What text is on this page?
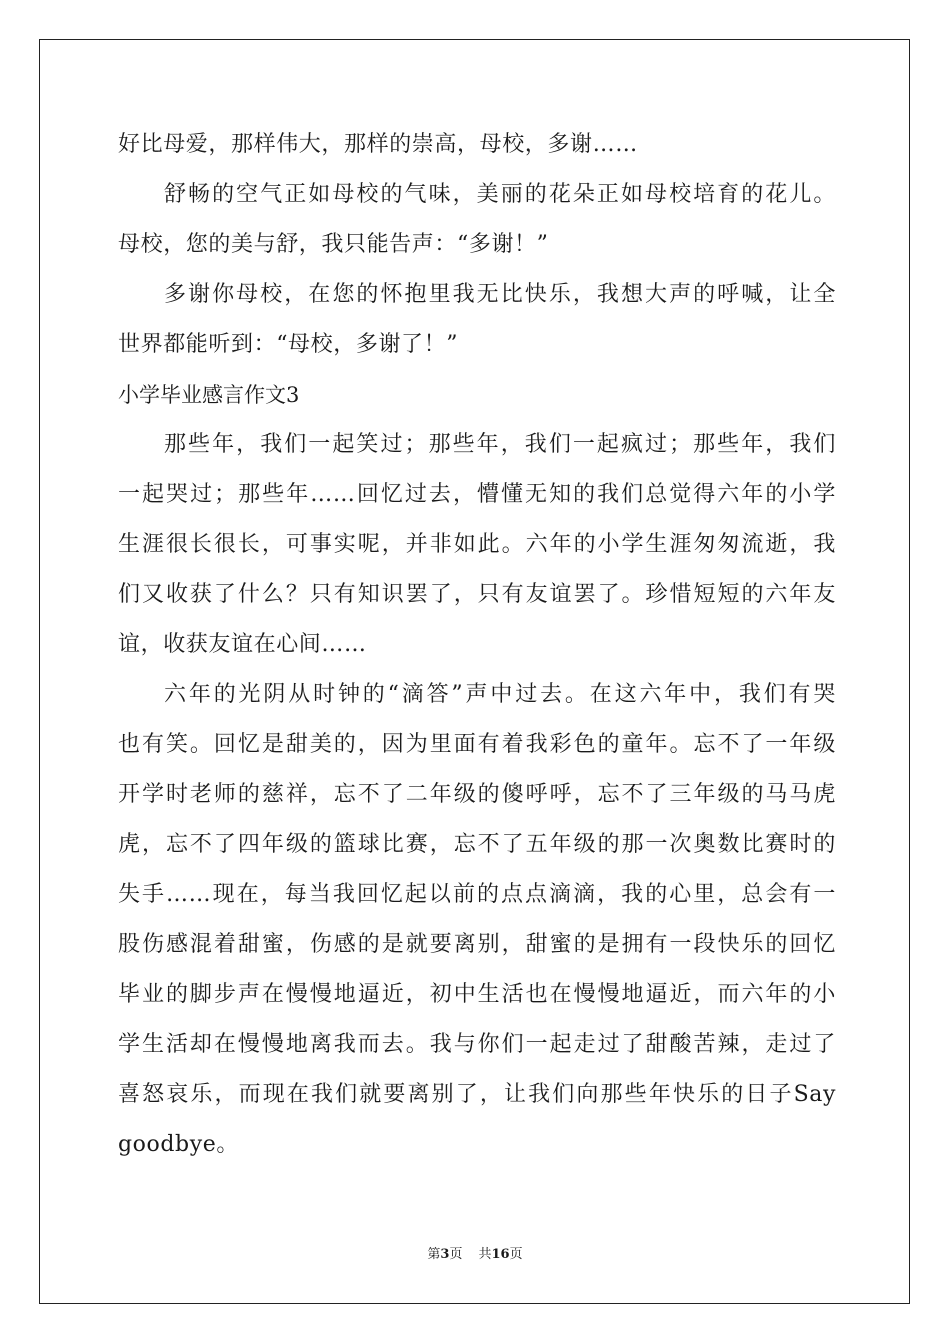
好比母爱，那样伟大，那样的崇高，母校，多谢……
舒畅的空气正如母校的气味，美丽的花朵正如母校培育的花儿。
母校，您的美与舒，我只能告声：“多谢！”
多谢你母校，在您的怀抱里我无比快乐，我想大声的呼喊，让全
世界都能听到：“母校，多谢了！”
小学毕业感言作文3
那些年，我们一起笑过；那些年，我们一起疯过；那些年，我们
一起哭过；那些年……回忆过去，懵懂无知的我们总觉得六年的小学
生涯很长很长，可事实呢，并非如此。六年的小学生涯匆匆流逝，我
们又收获了什么？只有知识罢了，只有友谊罢了。珍惜短短的六年友
谊，收获友谊在心间……
六年的光阴从时钟的“滴答”声中过去。在这六年中，我们有哭
也有笑。回忆是甜美的，因为里面有着我彩色的童年。忘不了一年级
开学时老师的慈祥，忘不了二年级的傻呼呼，忘不了三年级的马马虎
虎，忘不了四年级的篮球比赛，忘不了五年级的那一次奥数比赛时的
失手……现在，每当我回忆起以前的点点滴滴，我的心里，总会有一
股伤感混着甜蜜，伤感的是就要离别，甜蜜的是拥有一段快乐的回忆
毕业的脚步声在慢慢地逼近，初中生活也在慢慢地逼近，而六年的小
学生活却在慢慢地离我而去。我与你们一起走过了甜酸苦辣，走过了
喜怒哀乐，而现在我们就要离别了，让我们向那些年快乐的日子Say
goodbye。
第3页 共16页
